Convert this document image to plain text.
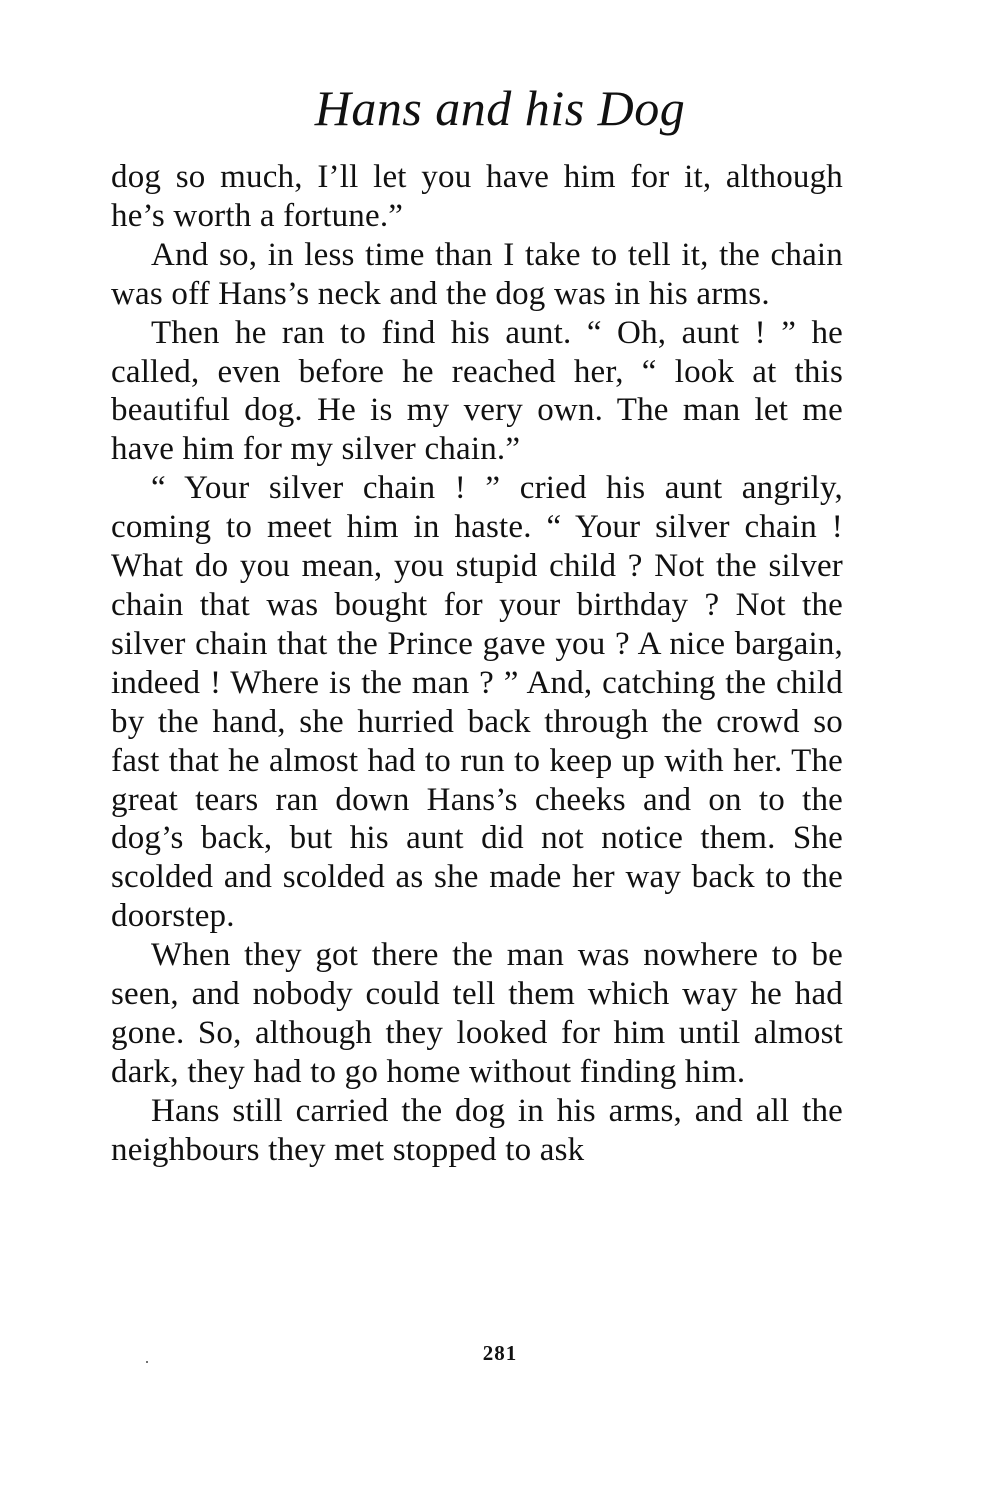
Hans and his Dog

dog so much, I’ll let you have him for it, although he’s worth a fortune.”

And so, in less time than I take to tell it, the chain was off Hans’s neck and the dog was in his arms.

Then he ran to find his aunt. “ Oh, aunt ! ” he called, even before he reached her, “ look at this beautiful dog. He is my very own. The man let me have him for my silver chain.”

“ Your silver chain ! ” cried his aunt angrily, coming to meet him in haste. “ Your silver chain ! What do you mean, you stupid child ? Not the silver chain that was bought for your birthday ? Not the silver chain that the Prince gave you ? A nice bargain, indeed ! Where is the man ? ” And, catching the child by the hand, she hurried back through the crowd so fast that he almost had to run to keep up with her. The great tears ran down Hans’s cheeks and on to the dog’s back, but his aunt did not notice them. She scolded and scolded as she made her way back to the doorstep.

When they got there the man was nowhere to be seen, and nobody could tell them which way he had gone. So, although they looked for him until almost dark, they had to go home without finding him.

Hans still carried the dog in his arms, and all the neighbours they met stopped to ask

281
